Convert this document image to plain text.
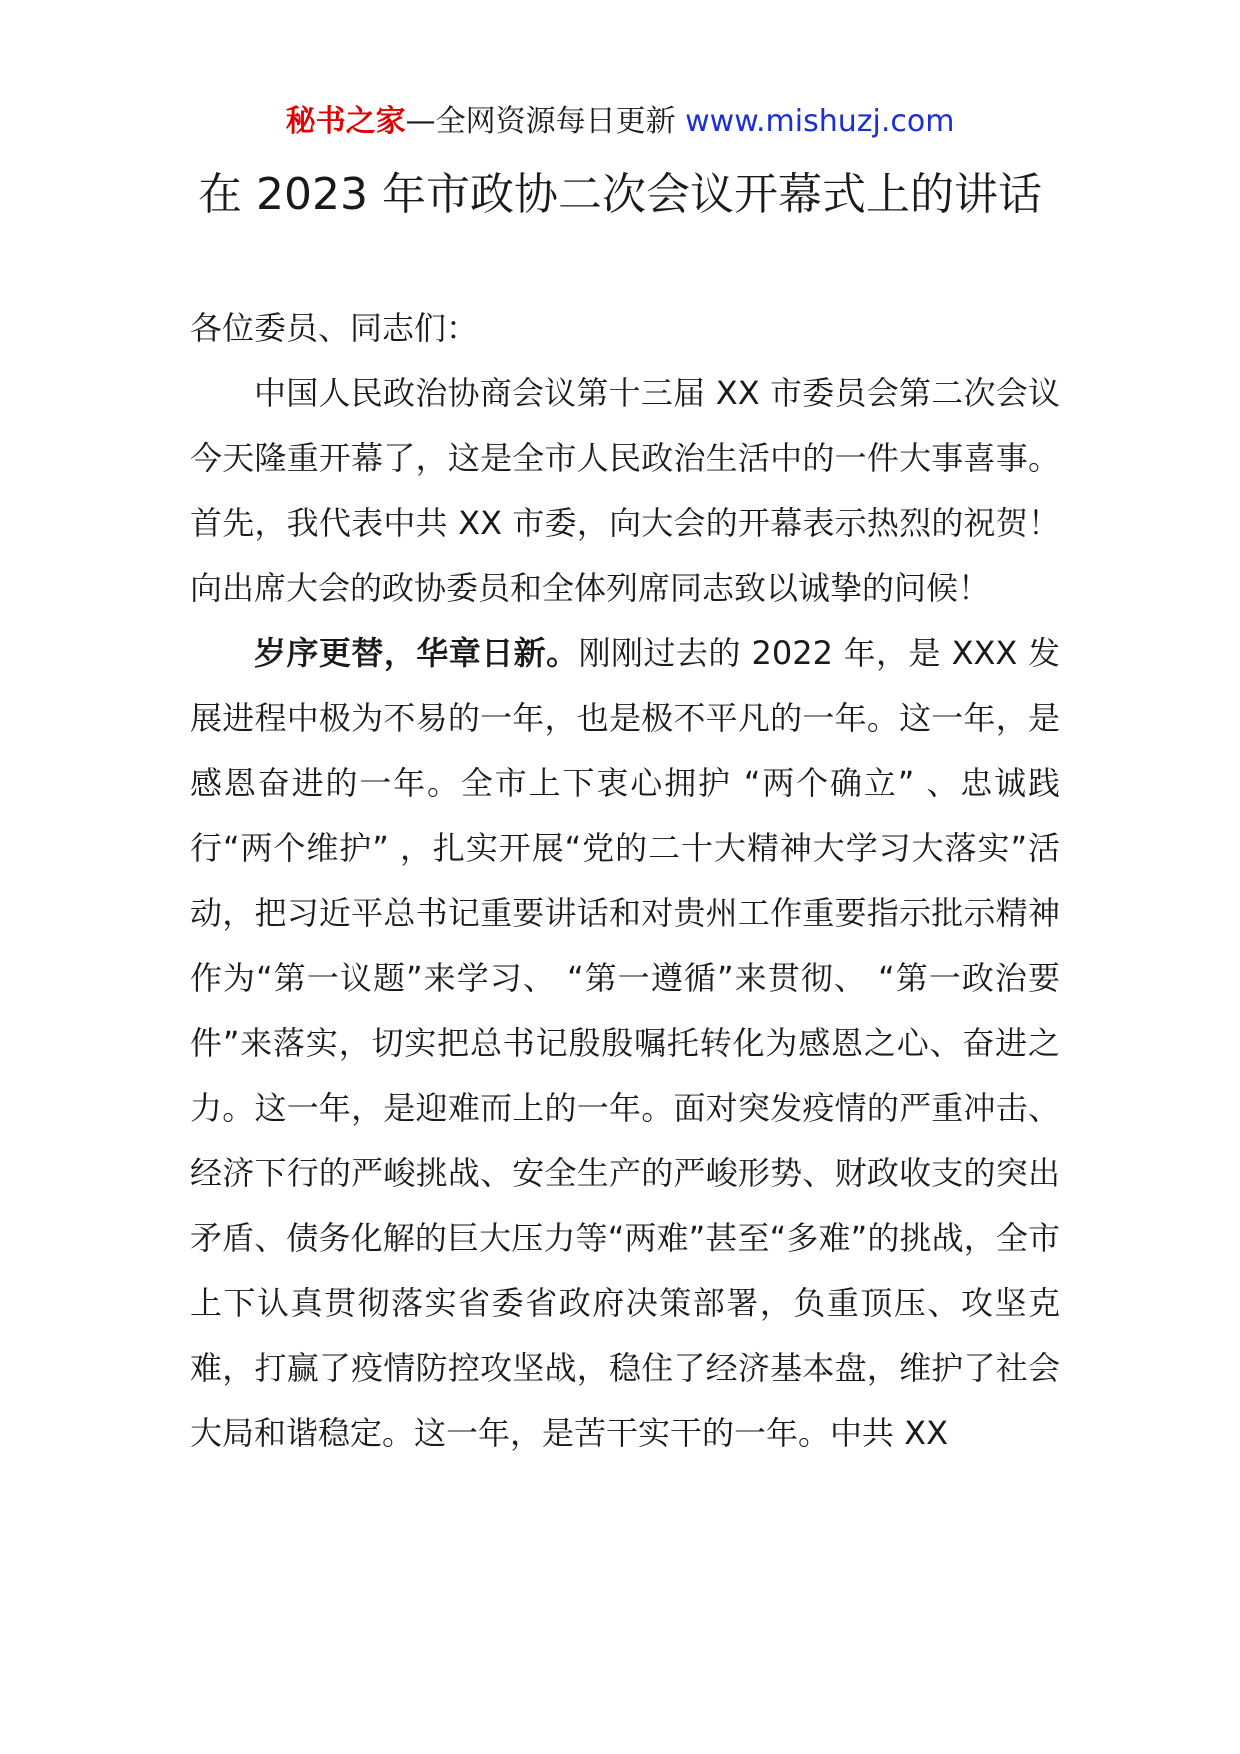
秘书之家—全网资源每日更新 www.mishuzj.com
在 2023 年市政协二次会议开幕式上的讲话

各位委员、同志们：

中国人民政治协商会议第十三届 XX 市委员会第二次会议今天隆重开幕了，这是全市人民政治生活中的一件大事喜事。首先，我代表中共 XX 市委，向大会的开幕表示热烈的祝贺！向出席大会的政协委员和全体列席同志致以诚挚的问候！

岁序更替，华章日新。刚刚过去的 2022 年，是 XXX 发展进程中极为不易的一年，也是极不平凡的一年。这一年，是感恩奋进的一年。全市上下衷心拥护 “两个确立” 、忠诚践行“两个维护” ，扎实开展“党的二十大精神大学习大落实”活动，把习近平总书记重要讲话和对贵州工作重要指示批示精神作为“第一议题”来学习、 “第一遵循”来贯彻、 “第一政治要件”来落实，切实把总书记殷殷嘱托转化为感恩之心、奋进之力。这一年，是迎难而上的一年。面对突发疫情的严重冲击、经济下行的严峻挑战、安全生产的严峻形势、财政收支的突出矛盾、债务化解的巨大压力等“两难”甚至“多难”的挑战，全市上下认真贯彻落实省委省政府决策部署，负重顶压、攻坚克难，打赢了疫情防控攻坚战，稳住了经济基本盘，维护了社会大局和谐稳定。这一年，是苦干实干的一年。中共 XX
